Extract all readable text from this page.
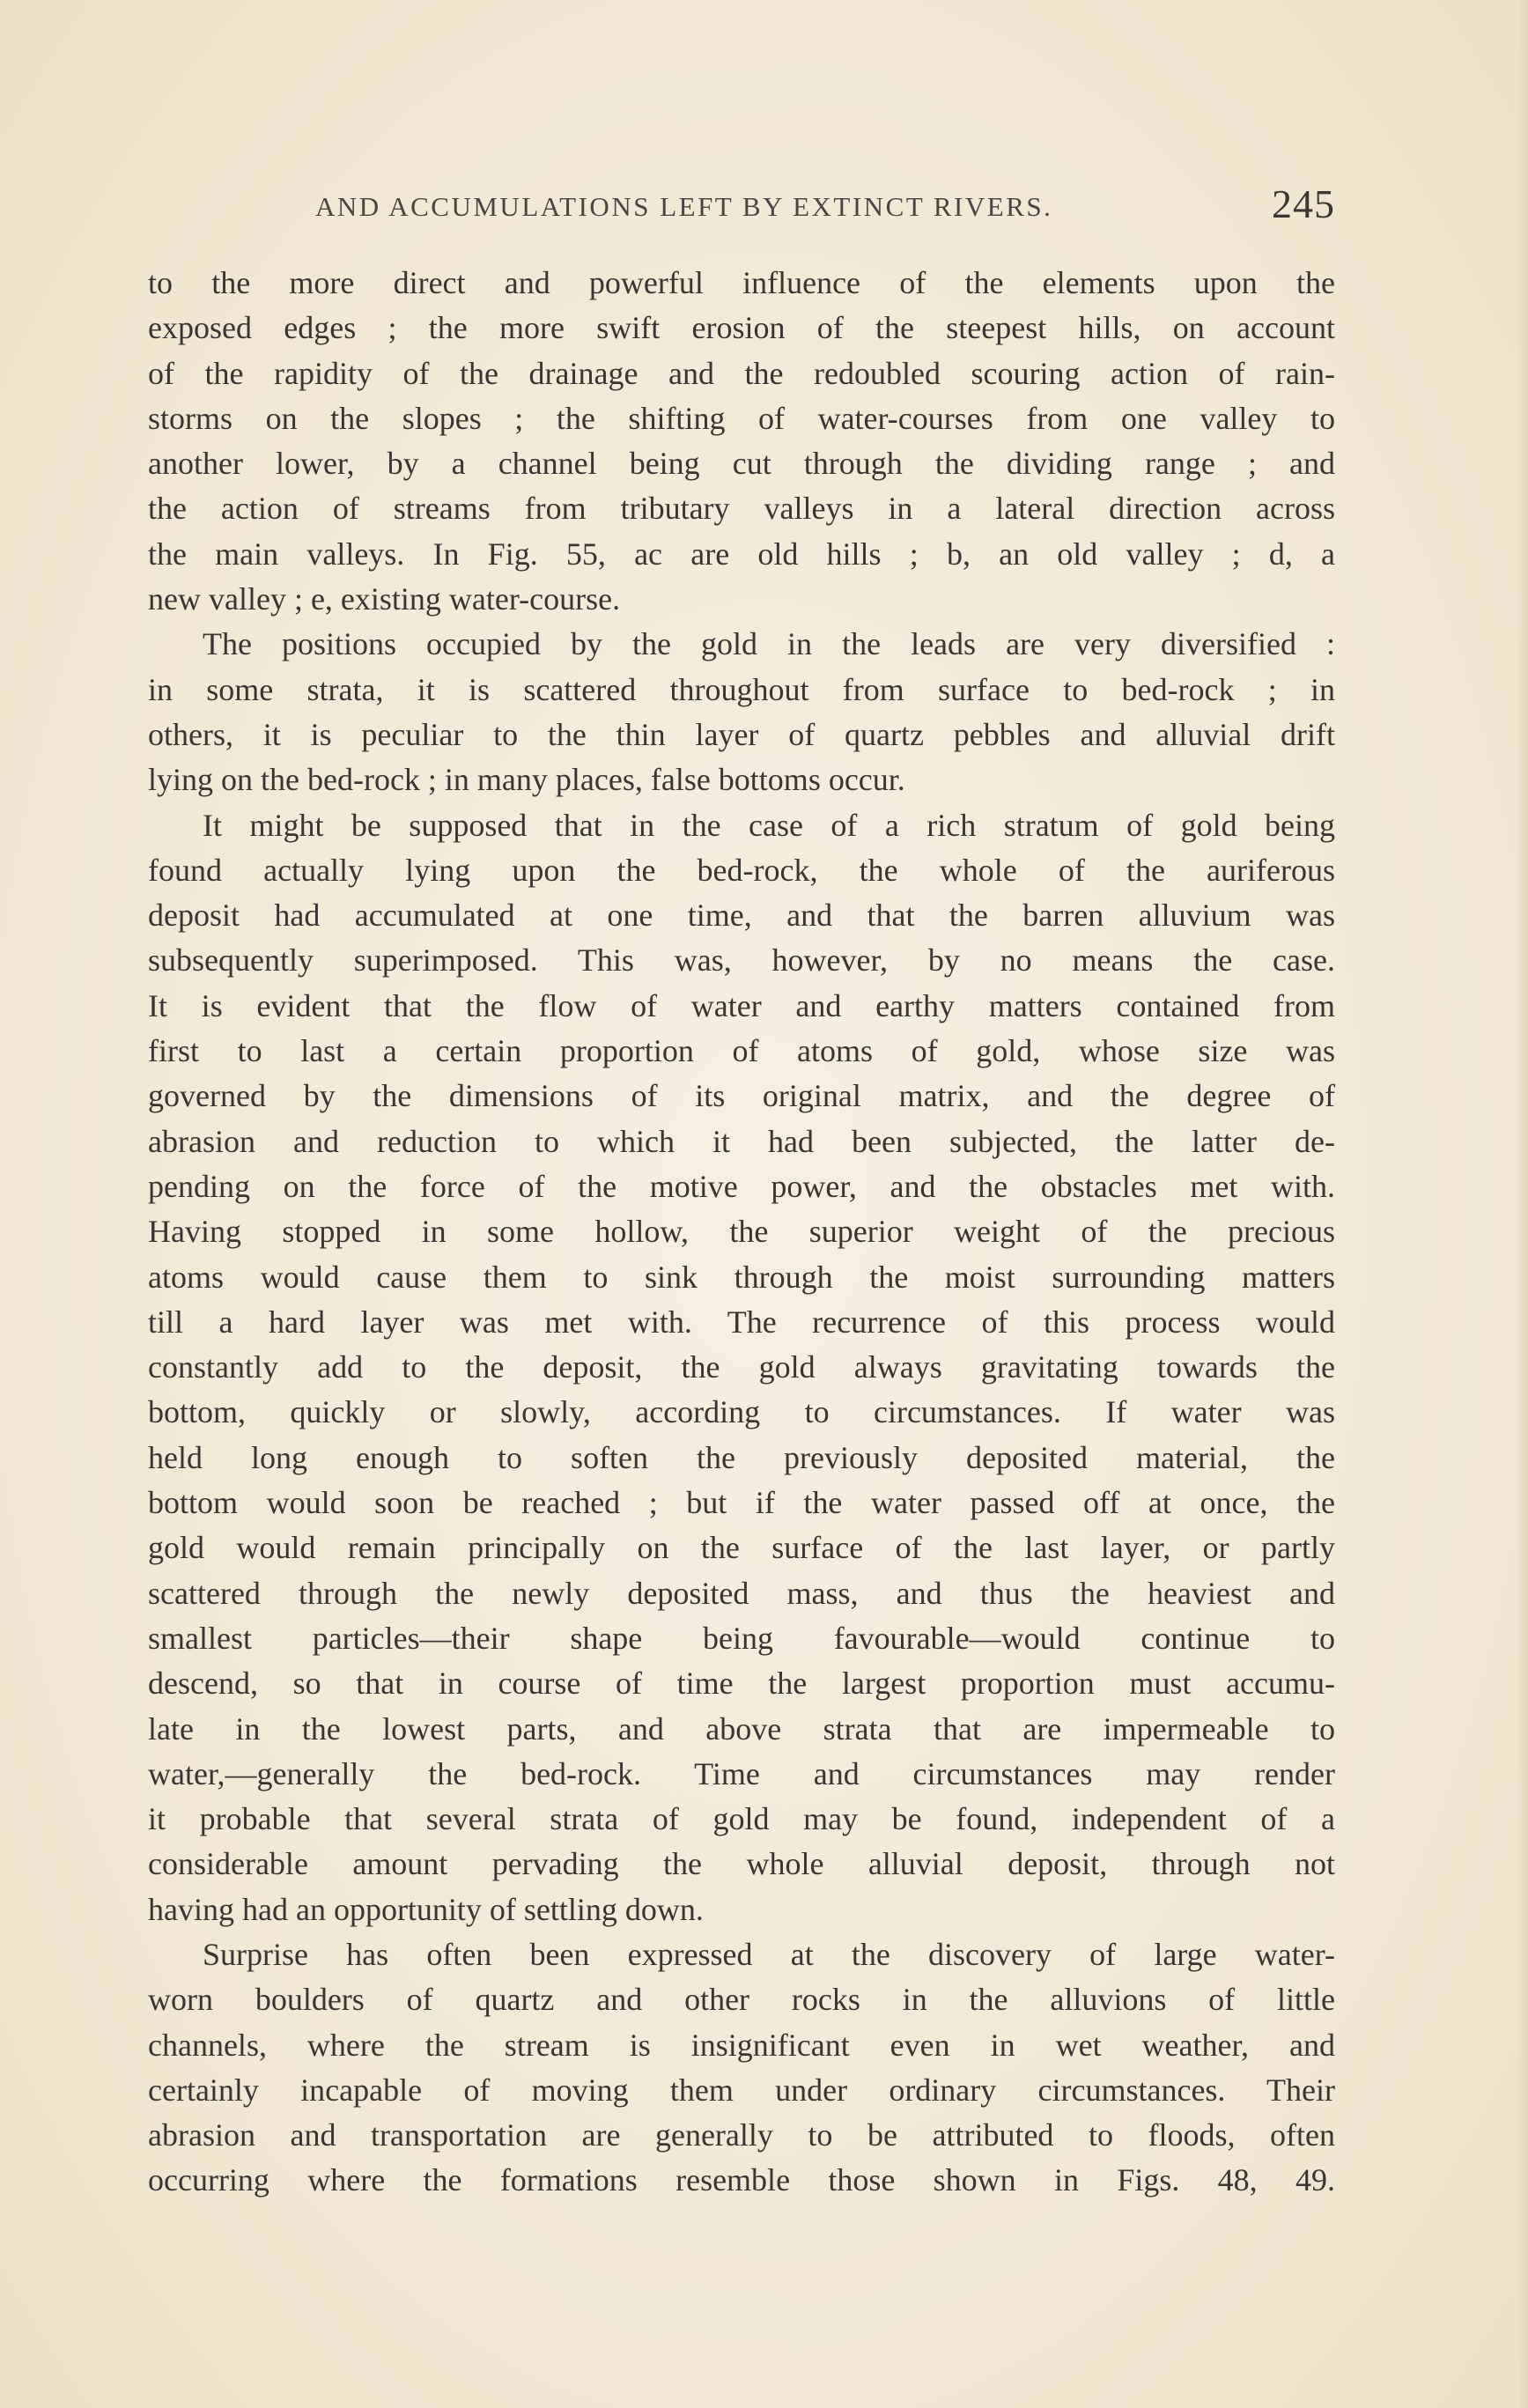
AND ACCUMULATIONS LEFT BY EXTINCT RIVERS.	245

to the more direct and powerful influence of the elements upon the
exposed edges ; the more swift erosion of the steepest hills, on account
of the rapidity of the drainage and the redoubled scouring action of rain-
storms on the slopes ; the shifting of water-courses from one valley to
another lower, by a channel being cut through the dividing range ; and
the action of streams from tributary valleys in a lateral direction across
the main valleys. In Fig. 55, ac are old hills ; b, an old valley ; d, a
new valley ; e, existing water-course.

The positions occupied by the gold in the leads are very diversified :
in some strata, it is scattered throughout from surface to bed-rock ; in
others, it is peculiar to the thin layer of quartz pebbles and alluvial drift
lying on the bed-rock ; in many places, false bottoms occur.

It might be supposed that in the case of a rich stratum of gold being
found actually lying upon the bed-rock, the whole of the auriferous
deposit had accumulated at one time, and that the barren alluvium was
subsequently superimposed. This was, however, by no means the case.
It is evident that the flow of water and earthy matters contained from
first to last a certain proportion of atoms of gold, whose size was
governed by the dimensions of its original matrix, and the degree of
abrasion and reduction to which it had been subjected, the latter de-
pending on the force of the motive power, and the obstacles met with.
Having stopped in some hollow, the superior weight of the precious
atoms would cause them to sink through the moist surrounding matters
till a hard layer was met with. The recurrence of this process would
constantly add to the deposit, the gold always gravitating towards the
bottom, quickly or slowly, according to circumstances. If water was
held long enough to soften the previously deposited material, the
bottom would soon be reached ; but if the water passed off at once, the
gold would remain principally on the surface of the last layer, or partly
scattered through the newly deposited mass, and thus the heaviest and
smallest particles—their shape being favourable—would continue to
descend, so that in course of time the largest proportion must accumu-
late in the lowest parts, and above strata that are impermeable to
water,—generally the bed-rock. Time and circumstances may render
it probable that several strata of gold may be found, independent of a
considerable amount pervading the whole alluvial deposit, through not
having had an opportunity of settling down.

Surprise has often been expressed at the discovery of large water-
worn boulders of quartz and other rocks in the alluvions of little
channels, where the stream is insignificant even in wet weather, and
certainly incapable of moving them under ordinary circumstances. Their
abrasion and transportation are generally to be attributed to floods, often
occurring where the formations resemble those shown in Figs. 48, 49.
